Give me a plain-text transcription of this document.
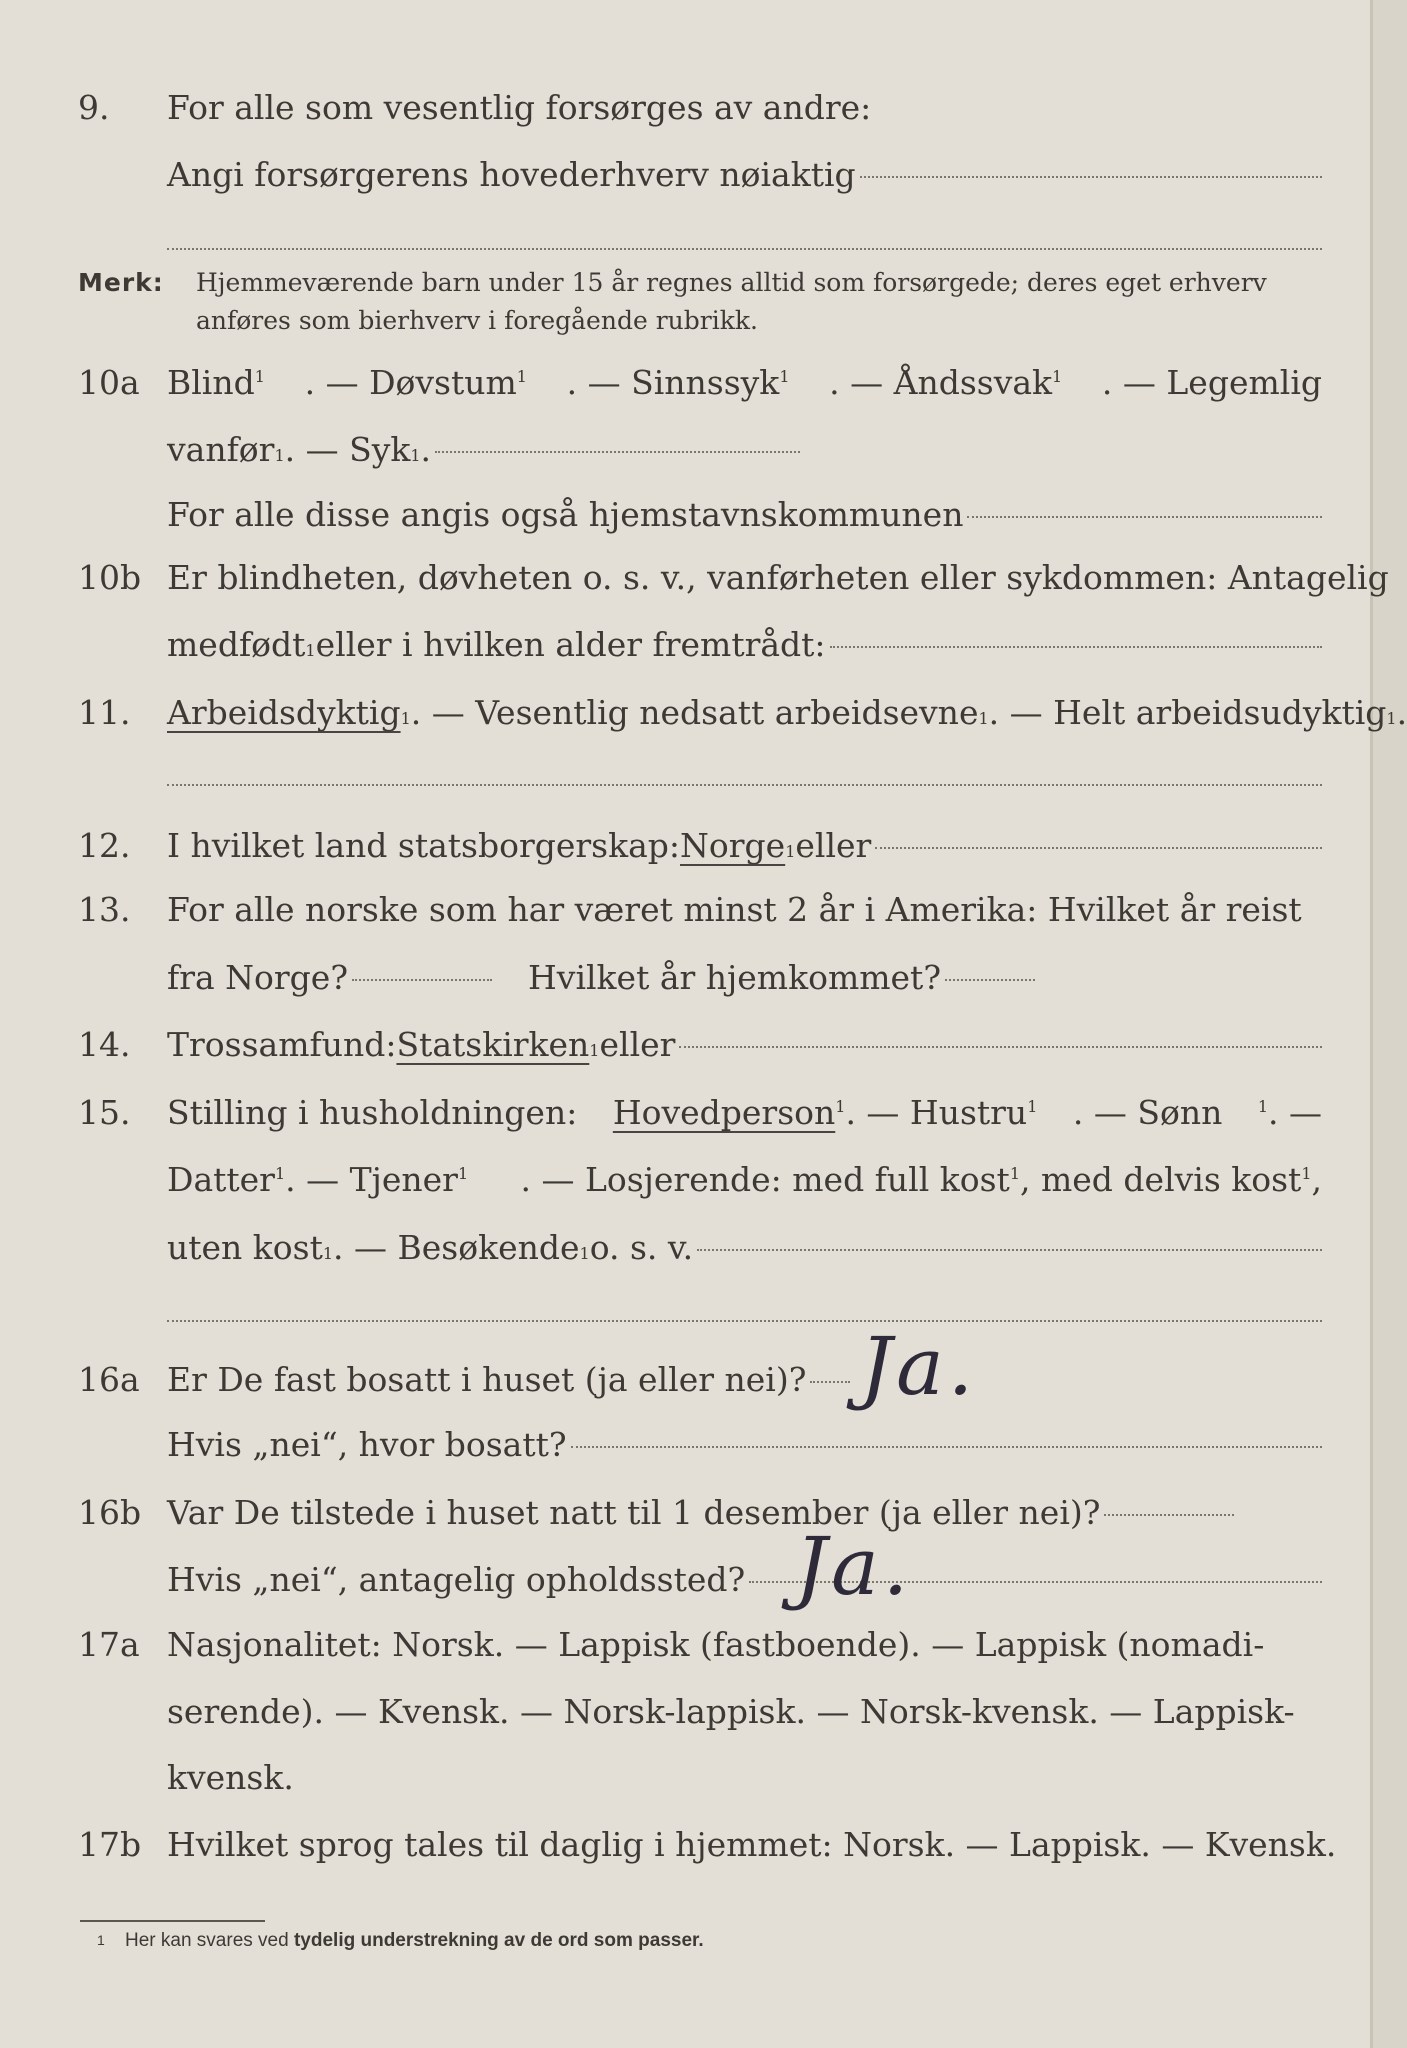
9. For alle som vesentlig forsørges av andre:
Angi forsørgerens hovederhverv nøiaktig
Merk: Hjemmeværende barn under 15 år regnes alltid som forsørgede; deres eget erhverv
anføres som bierhverv i foregående rubrikk.
10a Blind$^1$ . — Døvstum$^1$ . — Sinnssyk$^1$ . — Åndssvak$^1$ . — Legemlig
vanfør 1 . — Syk 1 .
For alle disse angis også hjemstavnskommunen
10b Er blindheten, døvheten o. s. v., vanførheten eller sykdommen: Antagelig
medfødt 1 eller i hvilken alder fremtrådt:
11. Arbeidsdyktig 1 . — Vesentlig nedsatt arbeidsevne 1 . — Helt arbeidsudyktig 1 .
12. I hvilket land statsborgerskap: Norge 1 eller
13. For alle norske som har været minst 2 år i Amerika: Hvilket år reist
fra Norge?	Hvilket år hjemkommet?
14. Trossamfund: Statskirken 1 eller
15. Stilling i husholdningen: Hovedperson$^1$. — Hustru$^1$ . — Sønn $^1$. —
Datter$^1$. — Tjener$^1$ . — Losjerende: med full kost$^1$, med delvis kost$^1$,
uten kost 1 . — Besøkende 1 o. s. v.
16a Er De fast bosatt i huset (ja eller nei)? Ja.
Hvis „nei“, hvor bosatt?
16b Var De tilstede i huset natt til 1 desember (ja eller nei)?
Hvis „nei“, antagelig opholdssted? Ja.
17a Nasjonalitet: Norsk. — Lappisk (fastboende). — Lappisk (nomadi-
serende). — Kvensk. — Norsk-lappisk. — Norsk-kvensk. — Lappisk-
kvensk.
17b Hvilket sprog tales til daglig i hjemmet: Norsk. — Lappisk. — Kvensk.
1 Her kan svares ved tydelig understrekning av de ord som passer.
